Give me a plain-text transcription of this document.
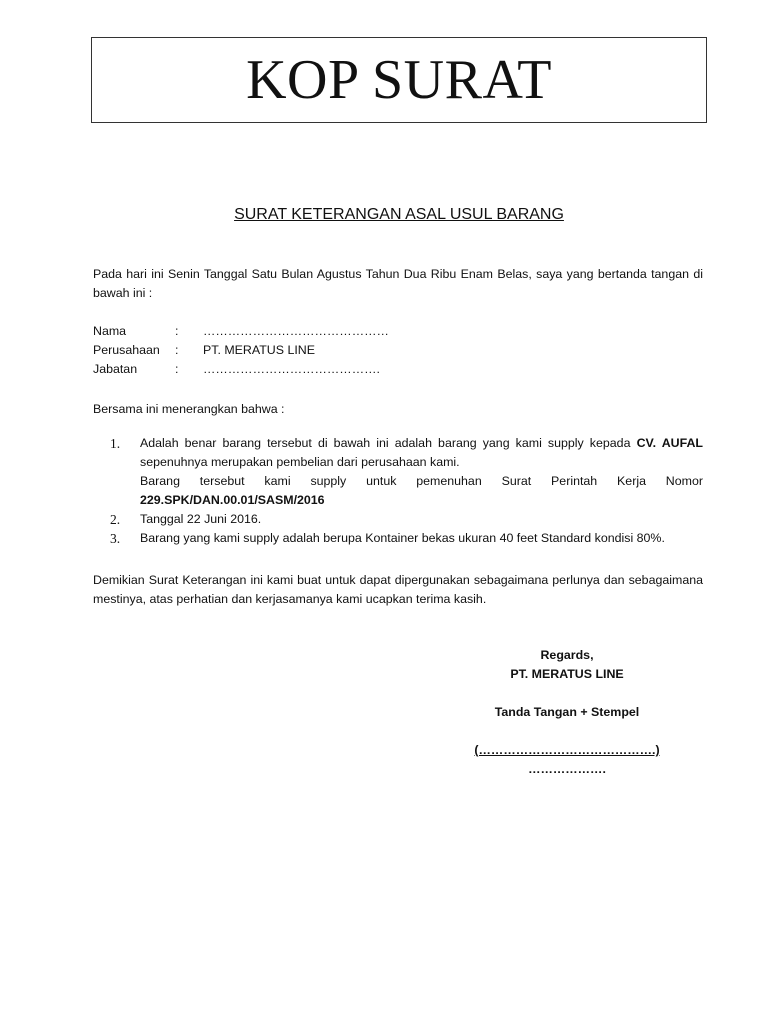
KOP SURAT
SURAT KETERANGAN ASAL USUL BARANG
Pada hari ini Senin Tanggal Satu Bulan Agustus Tahun Dua Ribu Enam Belas, saya yang bertanda tangan di bawah ini :
Nama	:	………………………………………
Perusahaan	:	PT. MERATUS LINE
Jabatan	:	…………………………………….
Bersama ini menerangkan bahwa :
1.	Adalah benar barang tersebut di bawah ini adalah barang yang kami supply kepada CV. AUFAL
sepenuhnya merupakan pembelian dari perusahaan kami.
Barang tersebut kami supply untuk pemenuhan Surat Perintah Kerja Nomor
229.SPK/DAN.00.01/SASM/2016
2.	Tanggal 22 Juni 2016.
3.	Barang yang kami supply adalah berupa Kontainer bekas ukuran 40 feet Standard kondisi 80%.
Demikian Surat Keterangan ini kami buat untuk dapat dipergunakan sebagaimana perlunya dan sebagaimana mestinya, atas perhatian dan kerjasamanya kami ucapkan terima kasih.
Regards,
PT. MERATUS LINE
Tanda Tangan + Stempel
(…………………………………….)
……………….
